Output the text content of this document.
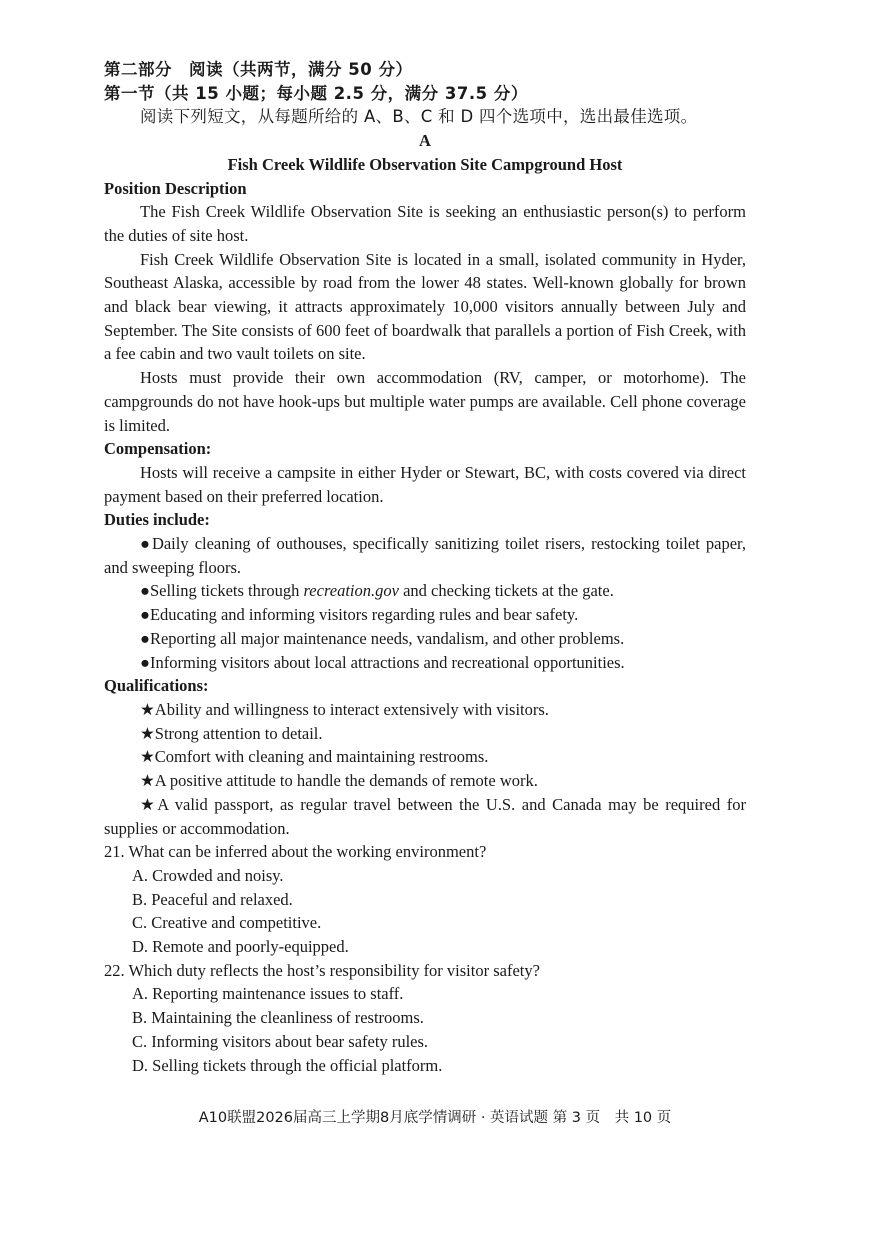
第二部分　阅读（共两节，满分 50 分）
第一节（共 15 小题；每小题 2.5 分，满分 37.5 分）
阅读下列短文，从每题所给的 A、B、C 和 D 四个选项中，选出最佳选项。
A
Fish Creek Wildlife Observation Site Campground Host
Position Description
The Fish Creek Wildlife Observation Site is seeking an enthusiastic person(s) to perform the duties of site host.
Fish Creek Wildlife Observation Site is located in a small, isolated community in Hyder, Southeast Alaska, accessible by road from the lower 48 states. Well-known globally for brown and black bear viewing, it attracts approximately 10,000 visitors annually between July and September. The Site consists of 600 feet of boardwalk that parallels a portion of Fish Creek, with a fee cabin and two vault toilets on site.
Hosts must provide their own accommodation (RV, camper, or motorhome). The campgrounds do not have hook-ups but multiple water pumps are available. Cell phone coverage is limited.
Compensation:
Hosts will receive a campsite in either Hyder or Stewart, BC, with costs covered via direct payment based on their preferred location.
Duties include:
●Daily cleaning of outhouses, specifically sanitizing toilet risers, restocking toilet paper, and sweeping floors.
●Selling tickets through recreation.gov and checking tickets at the gate.
●Educating and informing visitors regarding rules and bear safety.
●Reporting all major maintenance needs, vandalism, and other problems.
●Informing visitors about local attractions and recreational opportunities.
Qualifications:
★Ability and willingness to interact extensively with visitors.
★Strong attention to detail.
★Comfort with cleaning and maintaining restrooms.
★A positive attitude to handle the demands of remote work.
★A valid passport, as regular travel between the U.S. and Canada may be required for supplies or accommodation.
21. What can be inferred about the working environment?
A. Crowded and noisy.
B. Peaceful and relaxed.
C. Creative and competitive.
D. Remote and poorly-equipped.
22. Which duty reflects the host’s responsibility for visitor safety?
A. Reporting maintenance issues to staff.
B. Maintaining the cleanliness of restrooms.
C. Informing visitors about bear safety rules.
D. Selling tickets through the official platform.
A10联盟2026届高三上学期8月底学情调研 · 英语试题 第 3 页　共 10 页
